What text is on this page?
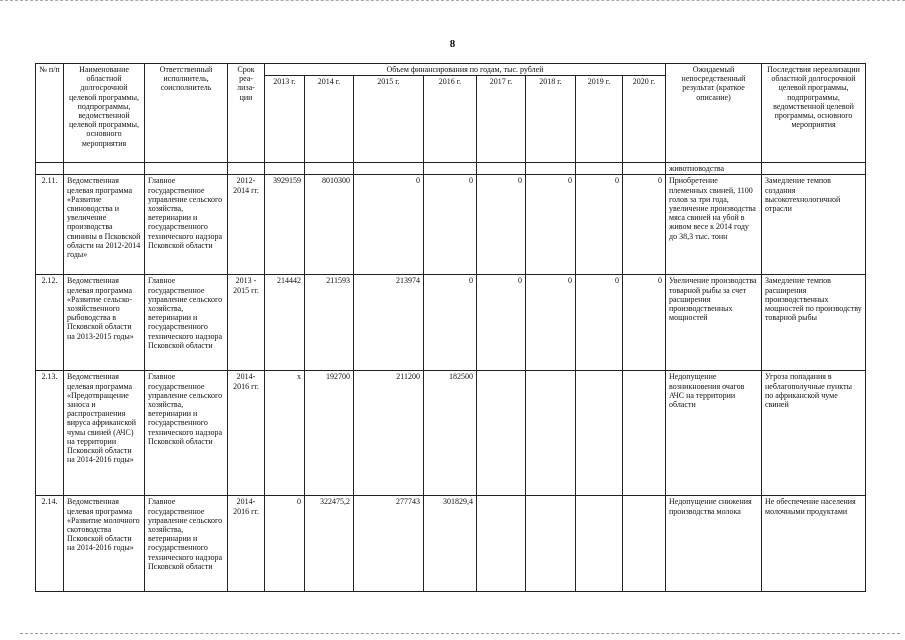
8
№ п/п	Наименование областной долгосрочной целевой программы, подпрограммы, ведомственной целевой программы, основного мероприятия	Ответственный исполнитель, соисполнитель	Срок реа-лиза-ции	Объем финансирования по годам, тыс. рублей								Ожидаемый непосредственный результат (краткое описание)	Последствия нереализации областной долгосрочной целевой программы, подпрограммы, ведомственной целевой программы, основного мероприятия
				2013 г.	2014 г.	2015 г.	2016 г.	2017 г.	2018 г.	2019 г.	2020 г.		
												животноводства	
2.11.	Ведомственная целевая программа «Развитие свиноводства и увеличение производства свинины в Псковской области на 2012-2014 годы»	Главное государственное управление сельского хозяйства, ветеринарии и государственного технического надзора Псковской области	2012-2014 гг.	3929159	8010300	0	0	0	0	0	0	Приобретение племенных свиней, 1100 голов за три года, увеличение производства мяса свиней на убой в живом весе к 2014 году до 38,3 тыс. тонн	Замедление темпов создания высокотехнологичной отрасли
2.12.	Ведомственная целевая программа «Развитие сельско-хозяйственного рыбоводства в Псковской области на 2013-2015 годы»	Главное государственное управление сельского хозяйства, ветеринарии и государственного технического надзора Псковской области	2013 - 2015 гг.	214442	211593	213974	0	0	0	0	0	Увеличение производства товарной рыбы за счет расширения производственных мощностей	Замедление темпов расширения производственных мощностей по производству товарной рыбы
2.13.	Ведомственная целевая программа «Предотвращение заноса и распространения вируса африканской чумы свиней (АЧС) на территории Псковской области на 2014-2016 годы»	Главное государственное управление сельского хозяйства, ветеринарии и государственного технического надзора Псковской области	2014-2016 гг.	х	192700	211200	182500					Недопущение возникновения очагов АЧС на территории области	Угроза попадания в неблагополучные пункты по африканской чуме свиней
2.14.	Ведомственная целевая программа «Развитие молочного скотоводства Псковской области на 2014-2016 годы»	Главное государственное управление сельского хозяйства, ветеринарии и государственного технического надзора Псковской области	2014-2016 гг.	0	322475,2	277743	301829,4					Недопущение снижения производства молока	Не обеспечение населения молочными продуктами
